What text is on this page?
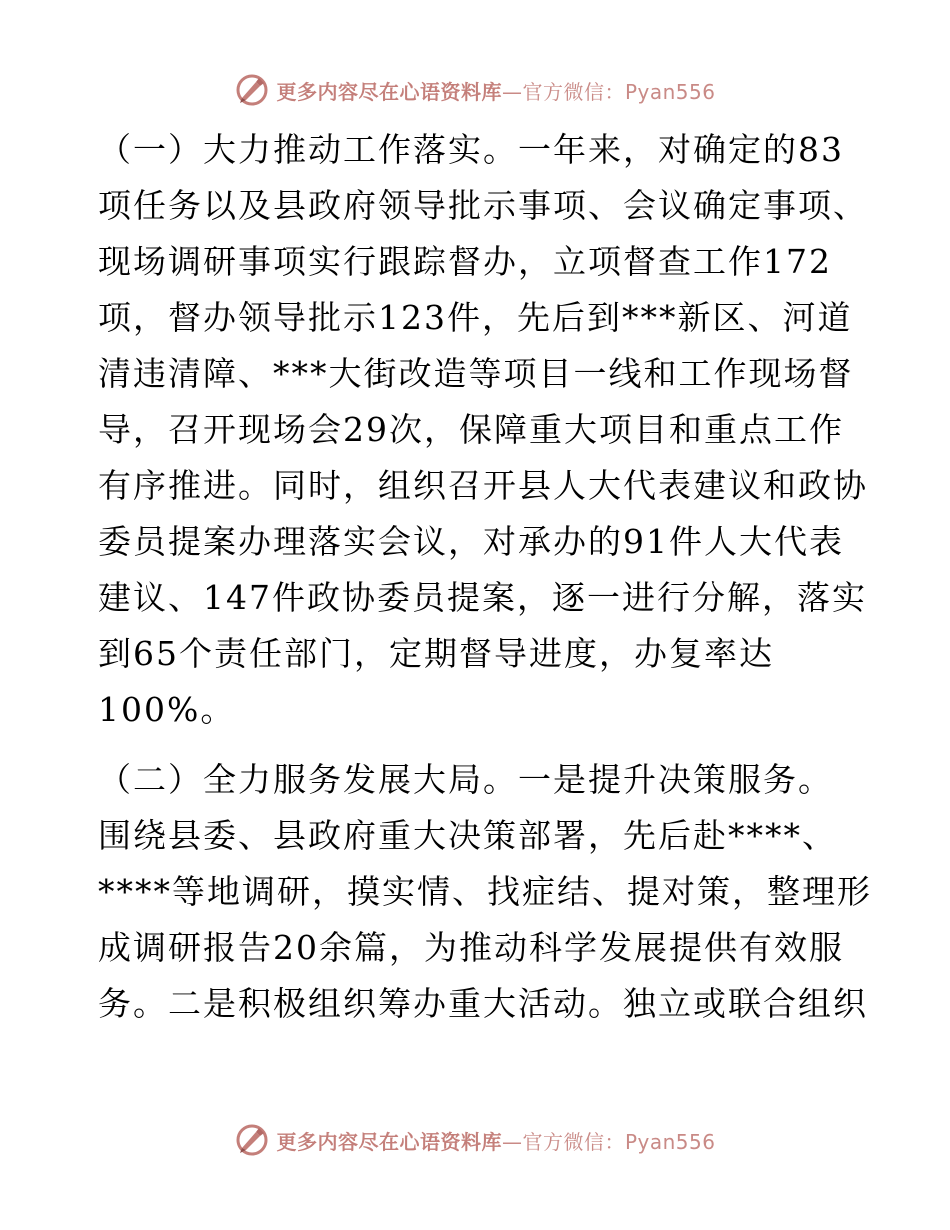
更多内容尽在心语资料库—官方微信：Pyan556
（一）大力推动工作落实。一年来，对确定的83
项任务以及县政府领导批示事项、会议确定事项、
现场调研事项实行跟踪督办，立项督查工作172
项，督办领导批示123件，先后到***新区、河道
清违清障、***大街改造等项目一线和工作现场督
导，召开现场会29次，保障重大项目和重点工作
有序推进。同时，组织召开县人大代表建议和政协
委员提案办理落实会议，对承办的91件人大代表
建议、147件政协委员提案，逐一进行分解，落实
到65个责任部门，定期督导进度，办复率达
100%。
（二）全力服务发展大局。一是提升决策服务。
围绕县委、县政府重大决策部署，先后赴****、
****等地调研，摸实情、找症结、提对策，整理形
成调研报告20余篇，为推动科学发展提供有效服
务。二是积极组织筹办重大活动。独立或联合组织
更多内容尽在心语资料库—官方微信：Pyan556
